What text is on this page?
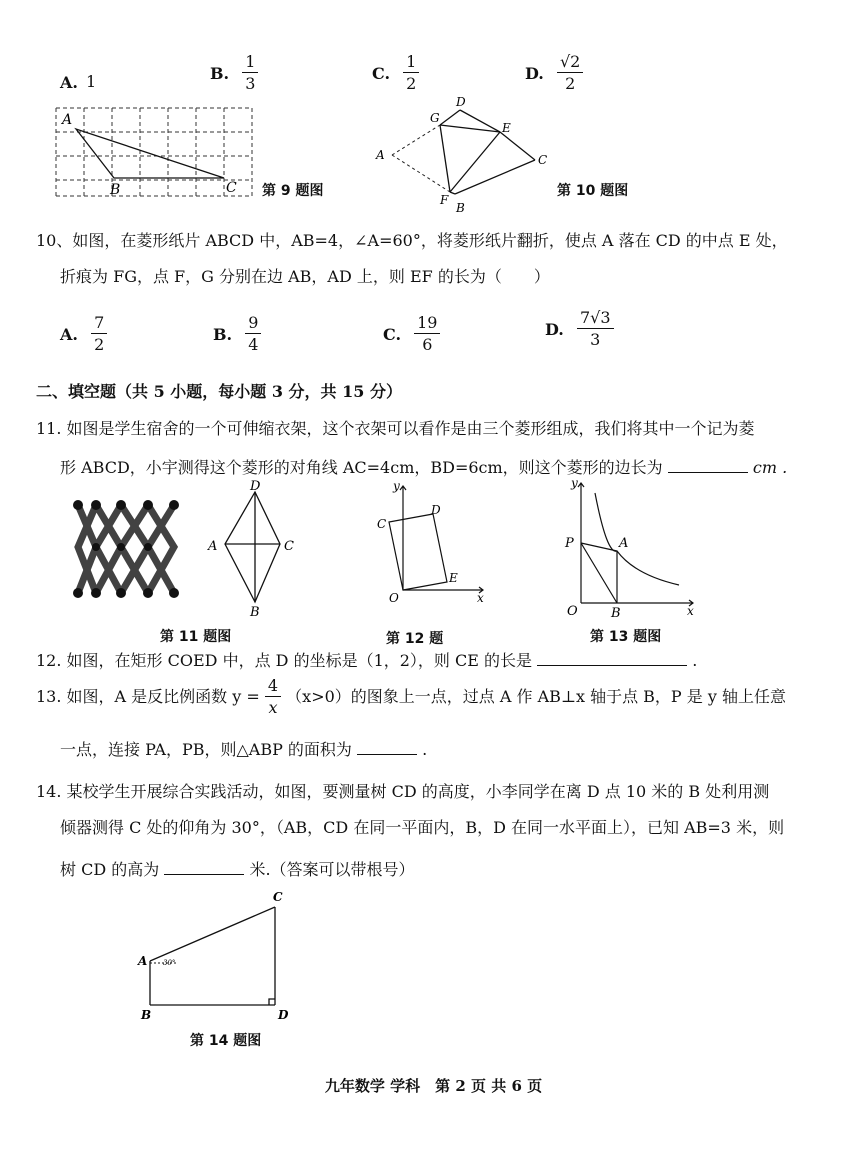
A. 1	B. $\frac{1}{3}$	C. $\frac{1}{2}$	D. $\frac{√2}{2}$
A
B	C 第 9 题图
D
G
E
A	C
F
B
第 10 题图
10、如图，在菱形纸片 ABCD 中，AB=4，∠A=60°，将菱形纸片翻折，使点 A 落在 CD 的中点 E 处，
折痕为 FG，点 F，G 分别在边 AB，AD 上，则 EF 的长为（　　）
A. $\frac{7}{2}$	B. $\frac{9}{4}$	C. $\frac{19}{6}$	D. $\frac{7√3}{3}$
二、填空题（共 5 小题，每小题 3 分，共 15 分）
11. 如图是学生宿舍的一个可伸缩衣架，这个衣架可以看作是由三个菱形组成，我们将其中一个记为菱
形 ABCD，小宇测得这个菱形的对角线 AC=4cm，BD=6cm，则这个菱形的边长为	cm .
D
A	C
B
第 11 题图
y
C
D
E
O	x
第 12 题
y
P	A
O	B	x
第 13 题图
12. 如图，在矩形 COED 中，点 D 的坐标是（1，2），则 CE 的长是	.
13. 如图，A 是反比例函数 $y = \frac{4}{x} (x>0)$的图象上一点，过点 A 作 AB⊥x 轴于点 B，P 是 y 轴上任意
一点，连接 PA，PB，则△ABP 的面积为	.
14. 某校学生开展综合实践活动，如图，要测量树 CD 的高度，小李同学在离 D 点 10 米的 B 处利用测
倾器测得 C 处的仰角为 30°，（AB，CD 在同一平面内，B，D 在同一水平面上），已知 AB=3 米，则
树 CD 的高为	米.（答案可以带根号）
C
A 30°
B	D
第 14 题图
九年数学 学科　第 2 页 共 6 页
